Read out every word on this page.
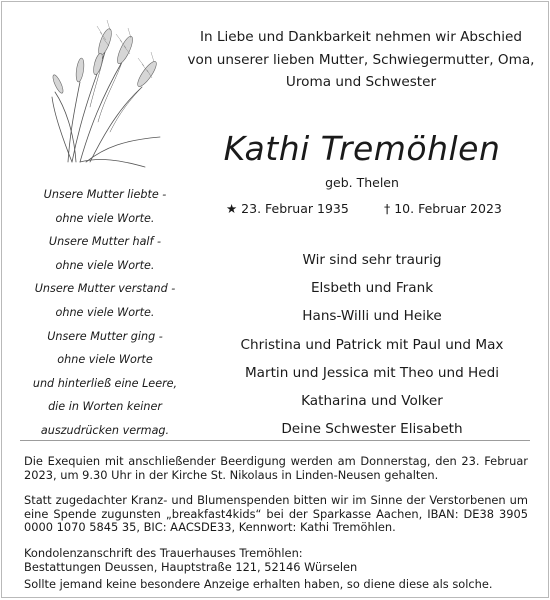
In Liebe und Dankbarkeit nehmen wir Abschied
von unserer lieben Mutter, Schwiegermutter, Oma,
Uroma und Schwester
Kathi Tremöhlen
geb. Thelen
★ 23. Februar 1935	† 10. Februar 2023
Unsere Mutter liebte -
ohne viele Worte.
Unsere Mutter half -
ohne viele Worte.
Unsere Mutter verstand -
ohne viele Worte.
Unsere Mutter ging -
ohne viele Worte
und hinterließ eine Leere,
die in Worten keiner
auszudrücken vermag.
Wir sind sehr traurig
Elsbeth und Frank
Hans-Willi und Heike
Christina und Patrick mit Paul und Max
Martin und Jessica mit Theo und Hedi
Katharina und Volker
Deine Schwester Elisabeth

Die Exequien mit anschließender Beerdigung werden am Donnerstag, den 23. Februar 2023, um 9.30 Uhr in der Kirche St. Nikolaus in Linden-Neusen gehalten.

Statt zugedachter Kranz- und Blumenspenden bitten wir im Sinne der Verstorbenen um eine Spende zugunsten „breakfast4kids“ bei der Sparkasse Aachen, IBAN: DE38 3905 0000 1070 5845 35, BIC: AACSDE33, Kennwort: Kathi Tremöhlen.

Kondolenzanschrift des Trauerhauses Tremöhlen:

Bestattungen Deussen, Hauptstraße 121, 52146 Würselen

Sollte jemand keine besondere Anzeige erhalten haben, so diene diese als solche.
